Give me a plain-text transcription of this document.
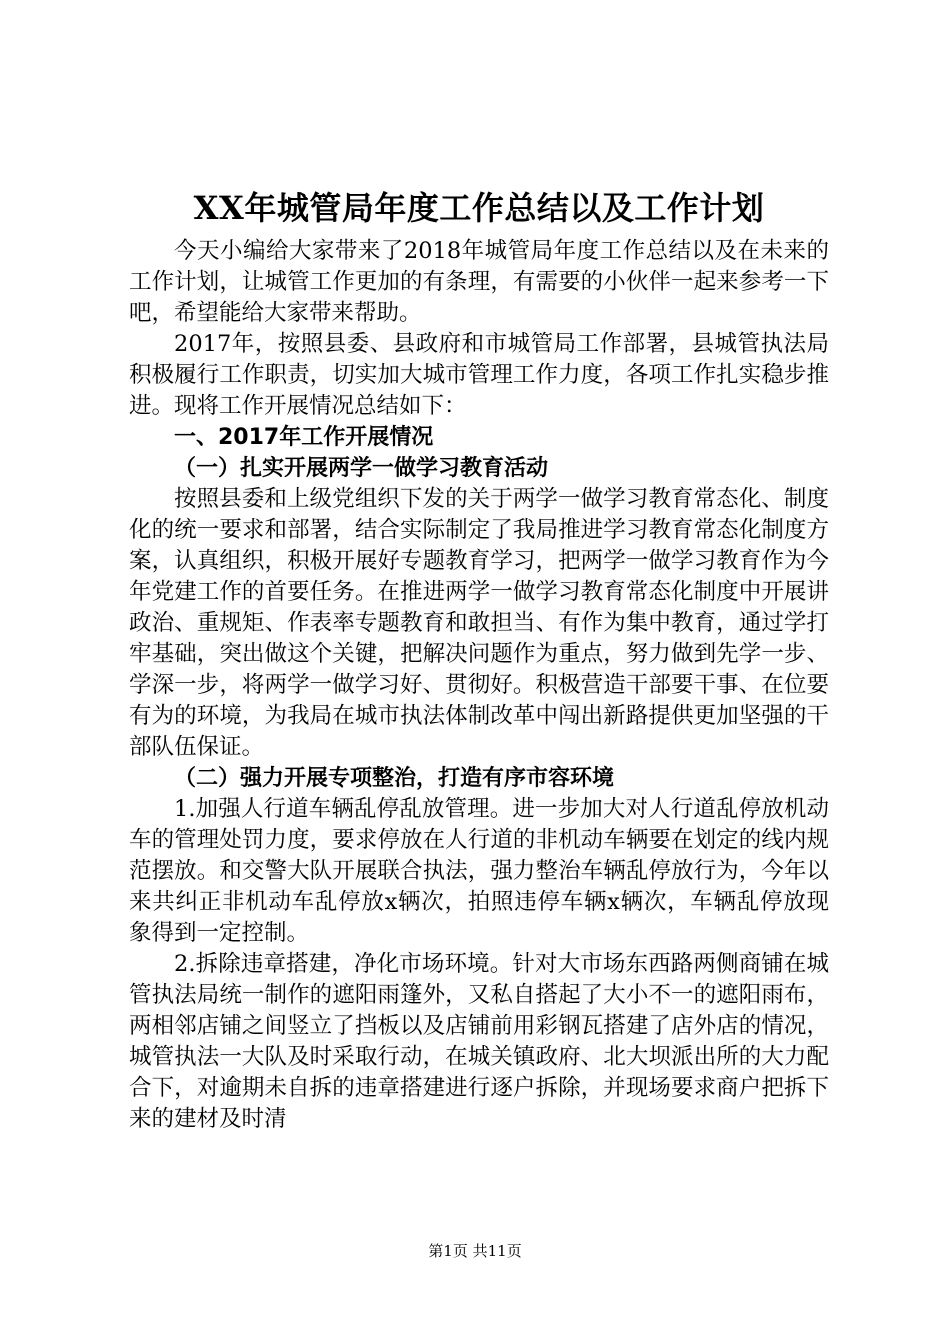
XX年城管局年度工作总结以及工作计划

今天小编给大家带来了2018年城管局年度工作总结以及在未来的工作计划，让城管工作更加的有条理，有需要的小伙伴一起来参考一下吧，希望能给大家带来帮助。

2017年，按照县委、县政府和市城管局工作部署，县城管执法局积极履行工作职责，切实加大城市管理工作力度，各项工作扎实稳步推进。现将工作开展情况总结如下：

一、2017年工作开展情况

（一）扎实开展两学一做学习教育活动

按照县委和上级党组织下发的关于两学一做学习教育常态化、制度化的统一要求和部署，结合实际制定了我局推进学习教育常态化制度方案，认真组织，积极开展好专题教育学习，把两学一做学习教育作为今年党建工作的首要任务。在推进两学一做学习教育常态化制度中开展讲政治、重规矩、作表率专题教育和敢担当、有作为集中教育，通过学打牢基础，突出做这个关键，把解决问题作为重点，努力做到先学一步、学深一步，将两学一做学习好、贯彻好。积极营造干部要干事、在位要有为的环境，为我局在城市执法体制改革中闯出新路提供更加坚强的干部队伍保证。

（二）强力开展专项整治，打造有序市容环境

1.加强人行道车辆乱停乱放管理。进一步加大对人行道乱停放机动车的管理处罚力度，要求停放在人行道的非机动车辆要在划定的线内规范摆放。和交警大队开展联合执法，强力整治车辆乱停放行为，今年以来共纠正非机动车乱停放x辆次，拍照违停车辆x辆次，车辆乱停放现象得到一定控制。

2.拆除违章搭建，净化市场环境。针对大市场东西路两侧商铺在城管执法局统一制作的遮阳雨篷外，又私自搭起了大小不一的遮阳雨布，两相邻店铺之间竖立了挡板以及店铺前用彩钢瓦搭建了店外店的情况，城管执法一大队及时采取行动，在城关镇政府、北大坝派出所的大力配合下，对逾期未自拆的违章搭建进行逐户拆除，并现场要求商户把拆下来的建材及时清

第1页 共11页
